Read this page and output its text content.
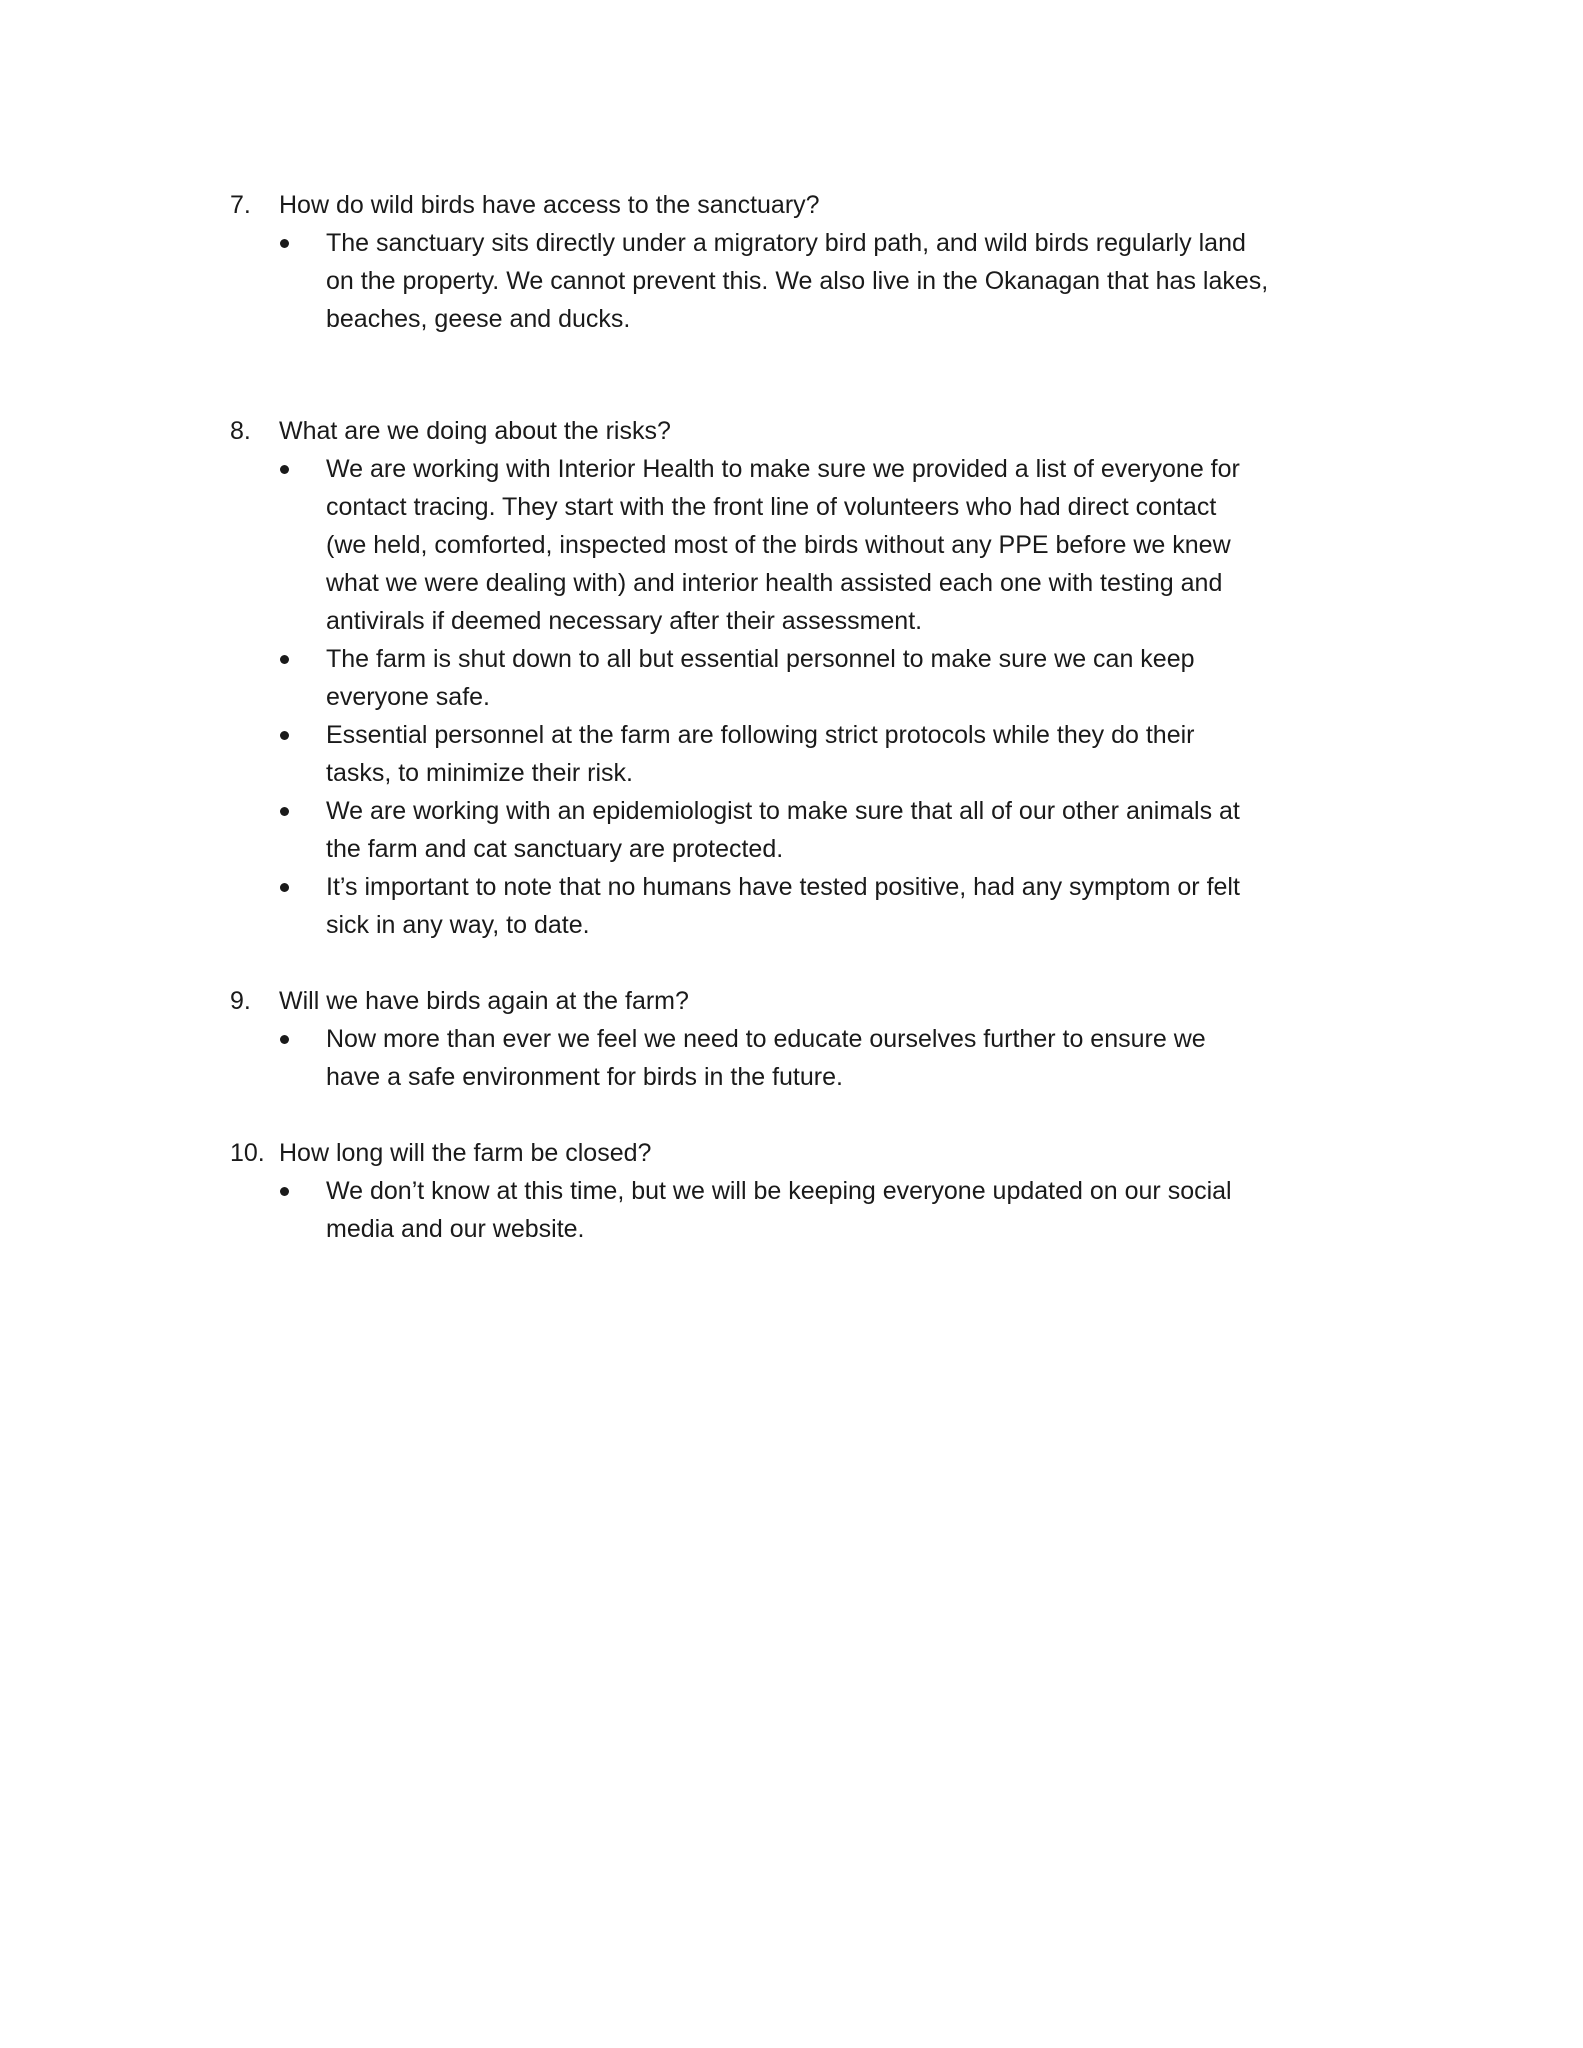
7. How do wild birds have access to the sanctuary?
The sanctuary sits directly under a migratory bird path, and wild birds regularly land
on the property. We cannot prevent this. We also live in the Okanagan that has lakes,
beaches, geese and ducks.
8. What are we doing about the risks?
We are working with Interior Health to make sure we provided a list of everyone for
contact tracing. They start with the front line of volunteers who had direct contact
(we held, comforted, inspected most of the birds without any PPE before we knew
what we were dealing with) and interior health assisted each one with testing and
antivirals if deemed necessary after their assessment.
The farm is shut down to all but essential personnel to make sure we can keep
everyone safe.
Essential personnel at the farm are following strict protocols while they do their
tasks, to minimize their risk.
We are working with an epidemiologist to make sure that all of our other animals at
the farm and cat sanctuary are protected.
It’s important to note that no humans have tested positive, had any symptom or felt
sick in any way, to date.
9. Will we have birds again at the farm?
Now more than ever we feel we need to educate ourselves further to ensure we
have a safe environment for birds in the future.
10. How long will the farm be closed?
We don’t know at this time, but we will be keeping everyone updated on our social
media and our website.
